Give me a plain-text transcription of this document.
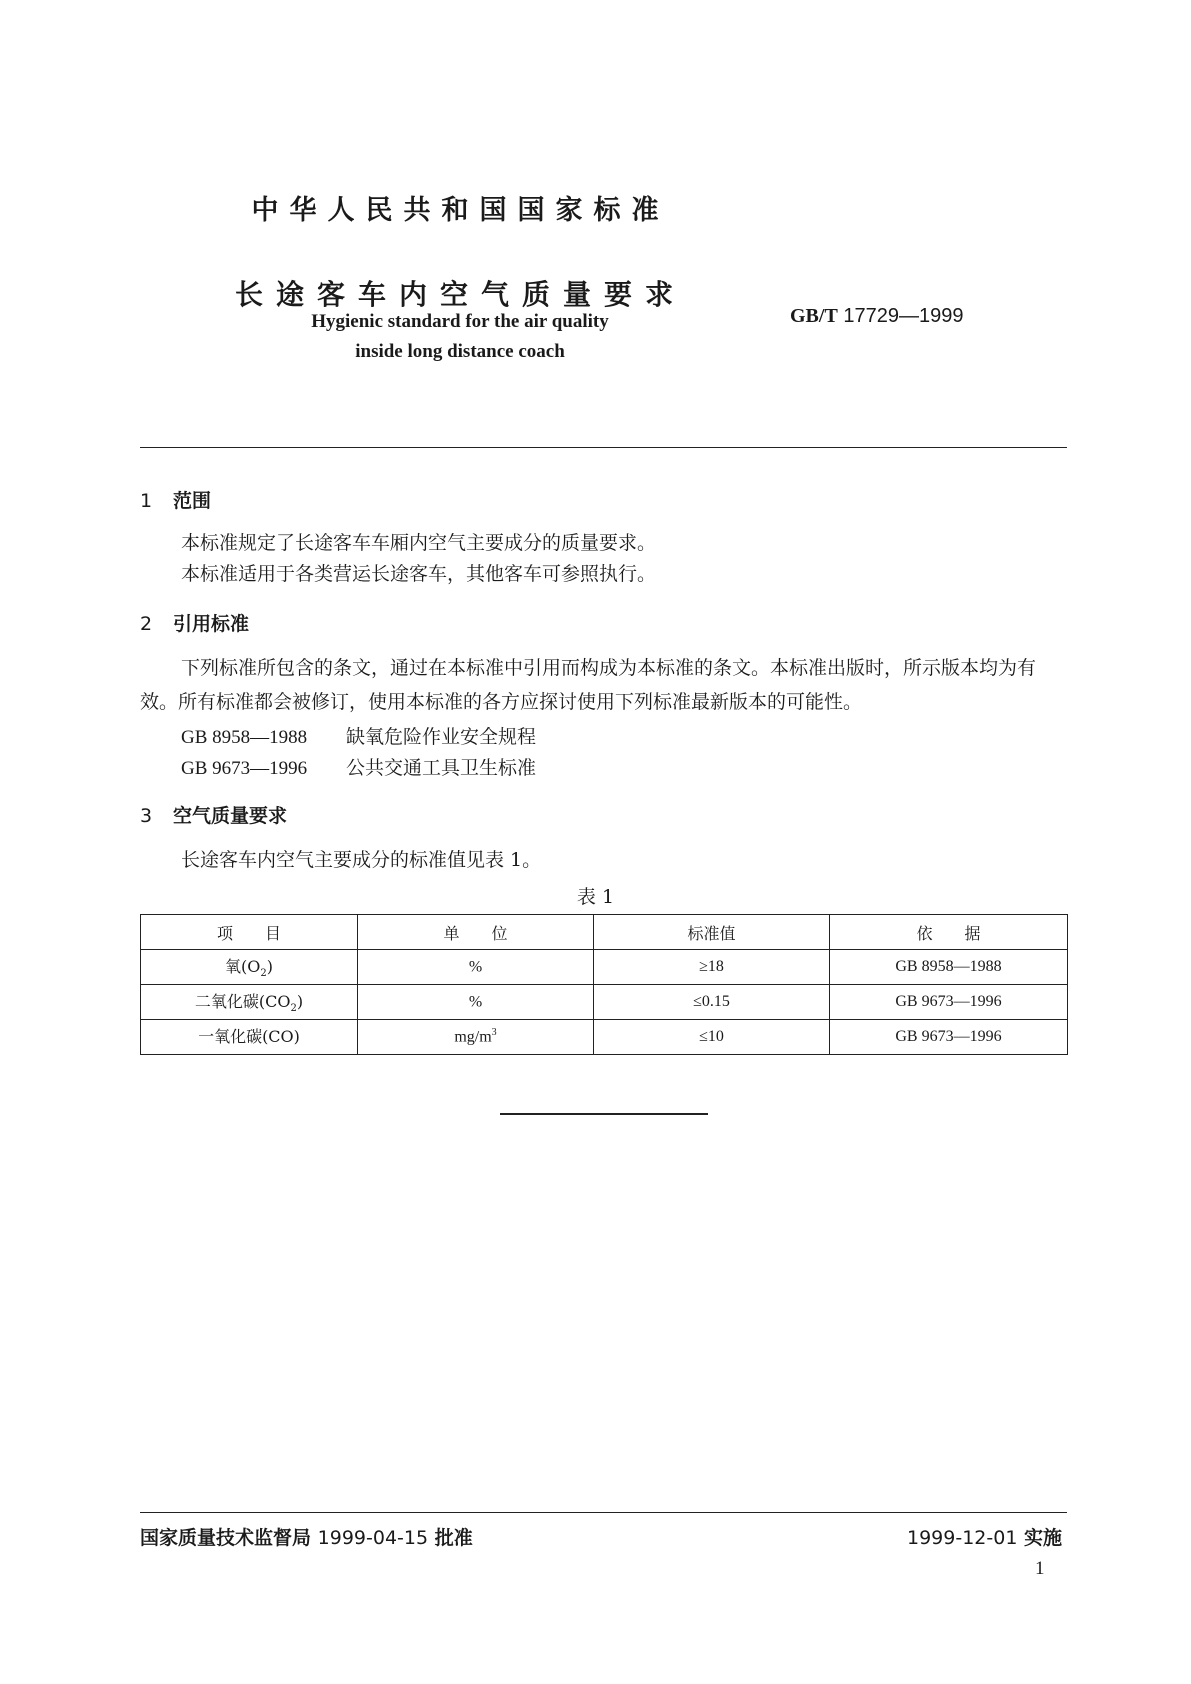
中华人民共和国国家标准
长途客车内空气质量要求
GB/T 17729—1999
Hygienic standard for the air quality
inside long distance coach
1 范围
本标准规定了长途客车车厢内空气主要成分的质量要求。
本标准适用于各类营运长途客车，其他客车可参照执行。
2 引用标准
下列标准所包含的条文，通过在本标准中引用而构成为本标准的条文。本标准出版时，所示版本均为有效。所有标准都会被修订，使用本标准的各方应探讨使用下列标准最新版本的可能性。
GB 8958—1988 缺氧危险作业安全规程
GB 9673—1996 公共交通工具卫生标准
3 空气质量要求
长途客车内空气主要成分的标准值见表 1。
表 1
项　　目	单　　位	标准值	依　　据
氧$(O_2)$	%	≥18	GB 8958—1988
二氧化碳$(CO_2)$	%	≤0.15	GB 9673—1996
一氧化碳(CO)	$mg/m^3$	≤10	GB 9673—1996
国家质量技术监督局 1999-04-15 批准	1999-12-01 实施
1
